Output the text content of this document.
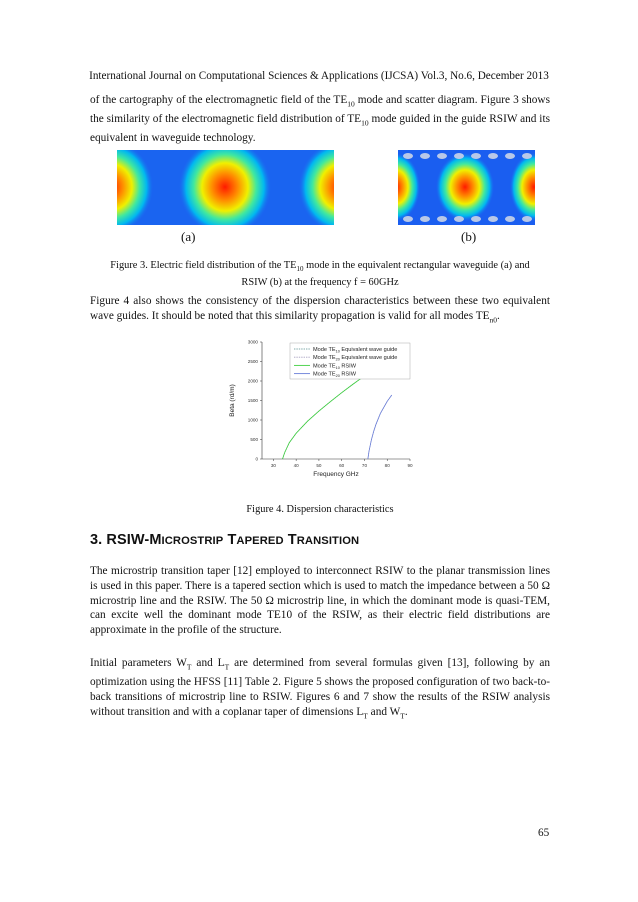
International Journal on Computational Sciences & Applications (IJCSA) Vol.3, No.6, December 2013

of the cartography of the electromagnetic field of the $TE_{10}$ mode and scatter diagram. Figure 3 shows the similarity of the electromagnetic field distribution of $TE_{10}$ mode guided in the guide RSIW and its equivalent in waveguide technology.

(a)	(b)
Figure 3. Electric field distribution of the $TE_{10}$ mode in the equivalent rectangular waveguide (a) and
RSIW (b) at the frequency f = 60GHz

Figure 4 also shows the consistency of the dispersion characteristics between these two equivalent wave guides. It should be noted that this similarity propagation is valid for all modes $TE_{n0}$.

30	40	50	60	70	80	90
0
500
1000
1500
2000
2500
3000
Mode $TE_{10}$ Equivalent wave guide
Mode $TE_{20}$ Equivalent wave guide
Mode $TE_{10}$ RSIW
Mode $TE_{20}$ RSIW
Frequency GHz
Beta (rd/m)
Figure 4. Dispersion characteristics
3. RSIW-MICROSTRIP TAPERED TRANSITION

The microstrip transition taper [12] employed to interconnect RSIW to the planar transmission lines is used in this paper. There is a tapered section which is used to match the impedance between a 50 Ω microstrip line and the RSIW. The 50 Ω microstrip line, in which the dominant mode is quasi-TEM, can excite well the dominant mode TE10 of the RSIW, as their electric field distributions are approximate in the profile of the structure.

Initial parameters $W_T$ and $L_T$ are determined from several formulas given [13], following by an optimization using the HFSS [11] Table 2. Figure 5 shows the proposed configuration of two back-to-back transitions of microstrip line to RSIW. Figures 6 and 7 show the results of the RSIW analysis without transition and with a coplanar taper of dimensions $L_T$ and $W_T$.

65
